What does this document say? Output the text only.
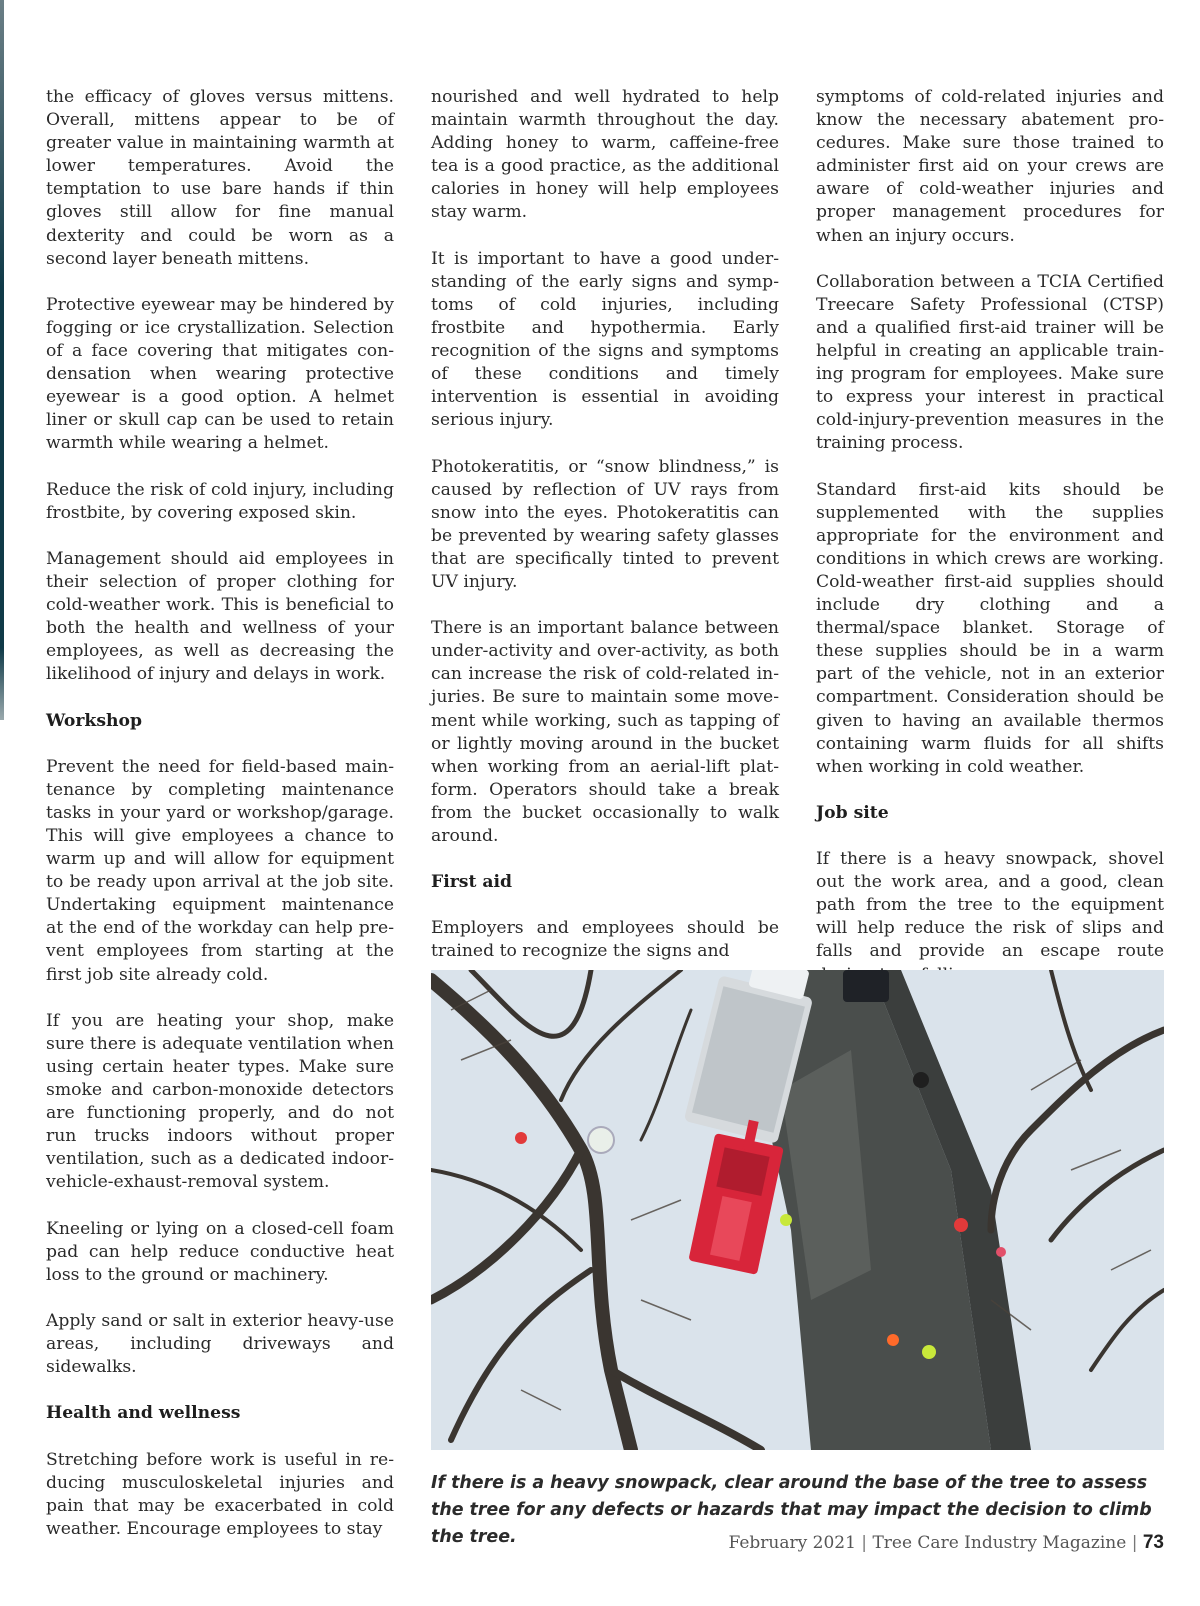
the efficacy of gloves versus mittens. Overall, mittens appear to be of greater value in maintaining warmth at lower temperatures. Avoid the temptation to use bare hands if thin gloves still allow for fine manual dexterity and could be worn as a second layer beneath mittens.

Protective eyewear may be hindered by fogging or ice crystallization. Selection of a face covering that mitigates condensation when wearing protective eyewear is a good option. A helmet liner or skull cap can be used to retain warmth while wearing a helmet.

Reduce the risk of cold injury, including frostbite, by covering exposed skin.

Management should aid employees in their selection of proper clothing for cold-weather work. This is beneficial to both the health and wellness of your employees, as well as decreasing the likelihood of injury and delays in work.

Workshop

Prevent the need for field-based maintenance by completing maintenance tasks in your yard or workshop/garage. This will give employees a chance to warm up and will allow for equipment to be ready upon arrival at the job site. Undertaking equipment maintenance at the end of the workday can help prevent employees from starting at the first job site already cold.

If you are heating your shop, make sure there is adequate ventilation when using certain heater types. Make sure smoke and carbon-monoxide detectors are functioning properly, and do not run trucks indoors without proper ventilation, such as a dedicated indoor-vehicle-exhaust-removal system.

Kneeling or lying on a closed-cell foam pad can help reduce conductive heat loss to the ground or machinery.

Apply sand or salt in exterior heavy-use areas, including driveways and sidewalks.

Health and wellness

Stretching before work is useful in reducing musculoskeletal injuries and pain that may be exacerbated in cold weather. Encourage employees to stay

nourished and well hydrated to help maintain warmth throughout the day. Adding honey to warm, caffeine-free tea is a good practice, as the additional calories in honey will help employees stay warm.

It is important to have a good understanding of the early signs and symptoms of cold injuries, including frostbite and hypothermia. Early recognition of the signs and symptoms of these conditions and timely intervention is essential in avoiding serious injury.

Photokeratitis, or “snow blindness,” is caused by reflection of UV rays from snow into the eyes. Photokeratitis can be prevented by wearing safety glasses that are specifically tinted to prevent UV injury.

There is an important balance between under-activity and over-activity, as both can increase the risk of cold-related injuries. Be sure to maintain some movement while working, such as tapping of or lightly moving around in the bucket when working from an aerial-lift platform. Operators should take a break from the bucket occasionally to walk around.

First aid

Employers and employees should be trained to recognize the signs and

symptoms of cold-related injuries and know the necessary abatement procedures. Make sure those trained to administer first aid on your crews are aware of cold-weather injuries and proper management procedures for when an injury occurs.

Collaboration between a TCIA Certified Treecare Safety Professional (CTSP) and a qualified first-aid trainer will be helpful in creating an applicable training program for employees. Make sure to express your interest in practical cold-injury-prevention measures in the training process.

Standard first-aid kits should be supplemented with the supplies appropriate for the environment and conditions in which crews are working. Cold-weather first-aid supplies should include dry clothing and a thermal/space blanket. Storage of these supplies should be in a warm part of the vehicle, not in an exterior compartment. Consideration should be given to having an available thermos containing warm fluids for all shifts when working in cold weather.

Job site

If there is a heavy snowpack, shovel out the work area, and a good, clean path from the tree to the equipment will help reduce the risk of slips and falls and provide an escape route

If there is a heavy snowpack, clear around the base of the tree to assess the tree for any defects or hazards that may impact the decision to climb the tree.	February 2021 | Tree Care Industry Magazine | 73
